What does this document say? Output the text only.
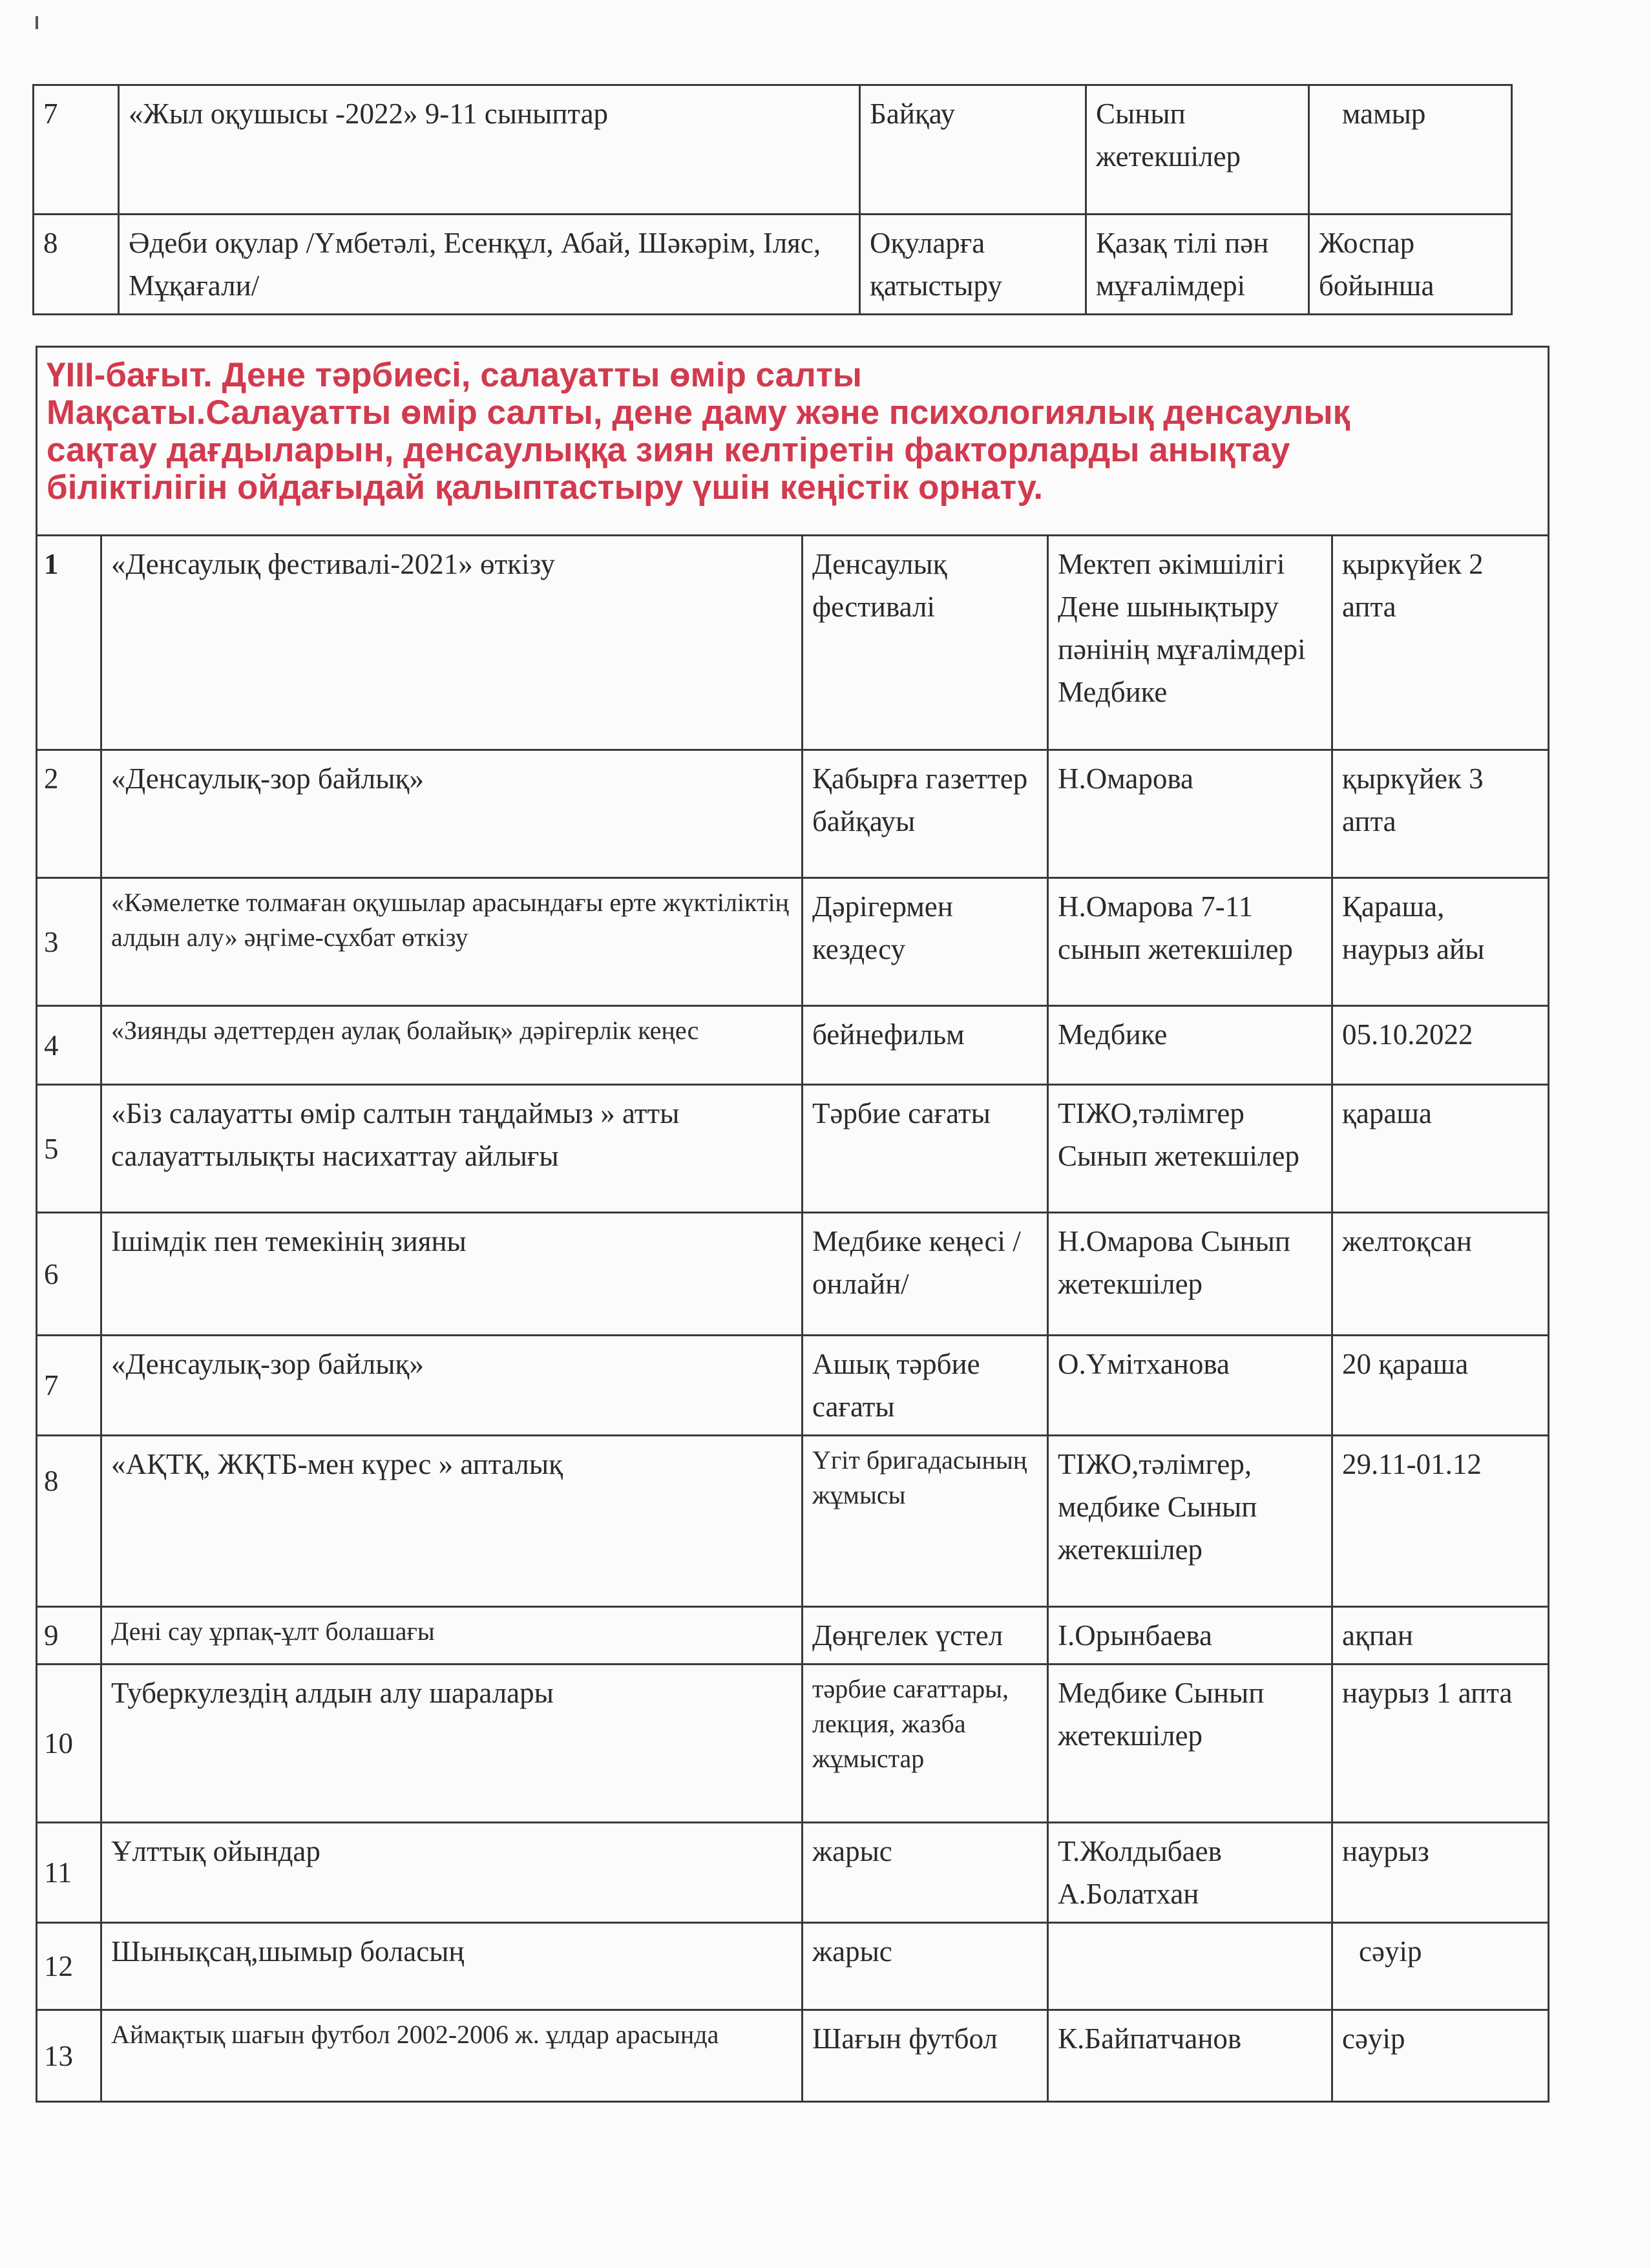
7	«Жыл оқушысы -2022» 9-11 сыныптар	Байқау	Сынып жетекшілер	мамыр
8	Әдеби оқулар /Үмбетәлі, Есенқұл, Абай, Шәкәрім, Іляс, Мұқағали/	Оқуларға қатыстыру	Қазақ тілі пән мұғалімдері	Жоспар бойынша
ҮІІІ-бағыт. Дене тәрбиесі, салауатты өмір салты
Мақсаты.Салауатты өмір салты, дене даму және психологиялық денсаулық
сақтау дағдыларын, денсаулыққа зиян келтіретін факторларды анықтау
біліктілігін ойдағыдай қалыптастыру үшін кеңістік орнату.				

1	«Денсаулық фестивалі-2021» өткізу	Денсаулық фестивалі	Мектеп әкімшілігі Дене шынықтыру пәнінің мұғалімдері Медбике	қыркүйек 2 апта
2	«Денсаулық-зор байлық»	Қабырға газеттер байқауы	Н.Омарова	қыркүйек 3 апта
3	«Кәмелетке толмаған оқушылар арасындағы ерте жүктіліктің алдын алу» әңгіме-сұхбат өткізу	Дәрігермен кездесу	Н.Омарова 7-11 сынып жетекшілер	Қараша, наурыз айы
4	«Зиянды әдеттерден аулақ болайық» дәрігерлік кеңес	бейнефильм	Медбике	05.10.2022
5	«Біз салауатты өмір салтын таңдаймыз » атты салауаттылықты насихаттау айлығы	Тәрбие сағаты	ТІЖО,тәлімгер Сынып жетекшілер	қараша
6	Ішімдік пен темекінің зияны	Медбике кеңесі /онлайн/	Н.Омарова Сынып жетекшілер	желтоқсан
7	«Денсаулық-зор байлық»	Ашық тәрбие сағаты	О.Үмітханова	20 қараша

8	«АҚТҚ, ЖҚТБ-мен күрес » апталық	Үгіт бригадасының жұмысы	ТІЖО,тәлімгер, медбике Сынып жетекшілер	29.11-01.12
9	Дені сау ұрпақ-ұлт болашағы	Дөңгелек үстел	І.Орынбаева	ақпан
10	Туберкулездің алдын алу шаралары	тәрбие сағаттары, лекция, жазба жұмыстар	Медбике Сынып жетекшілер	наурыз 1 апта
11	Ұлттық ойындар	жарыс	Т.Жолдыбаев А.Болатхан	наурыз
12	Шынықсаң,шымыр боласың	жарыс		сәуір
13	Аймақтық шағын футбол 2002-2006 ж. ұлдар арасында	Шағын футбол	К.Байпатчанов	сәуір
